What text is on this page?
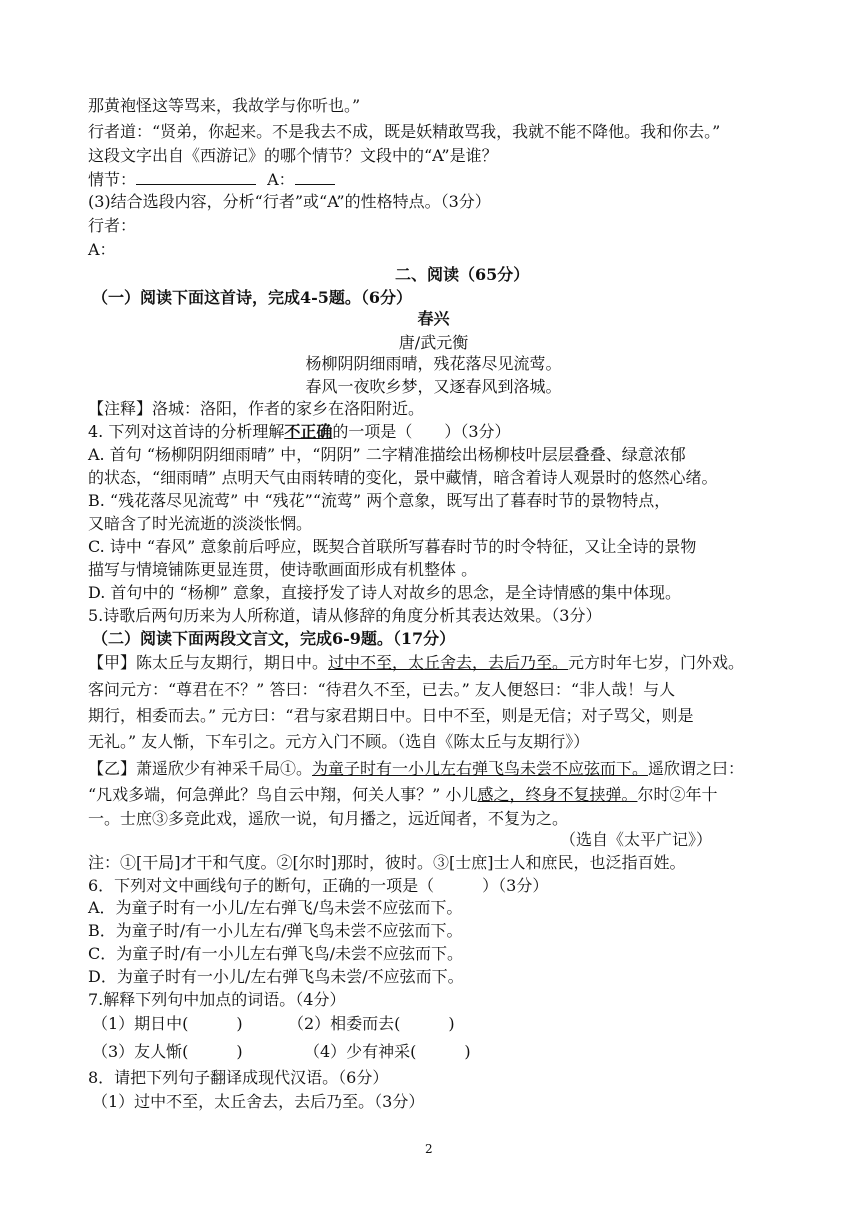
那黄袍怪这等骂来，我故学与你听也。”
行者道：“贤弟，你起来。不是我去不成，既是妖精敢骂我，我就不能不降他。我和你去。”
这段文字出自《西游记》的哪个情节？文段中的“A”是谁？
情节：	A：
(3)结合选段内容，分析“行者”或“A”的性格特点。（3分）
行者：
A：
二、阅读（65分）
（一）阅读下面这首诗，完成4-5题。（6分）
春兴
唐/武元衡
杨柳阴阴细雨晴，残花落尽见流莺。
春风一夜吹乡梦，又逐春风到洛城。
【注释】洛城：洛阳，作者的家乡在洛阳附近。
4. 下列对这首诗的分析理解不正确的一项是（　　）（3分）
A. 首句 “杨柳阴阴细雨晴” 中，“阴阴” 二字精准描绘出杨柳枝叶层层叠叠、绿意浓郁
的状态，“细雨晴” 点明天气由雨转晴的变化，景中藏情，暗含着诗人观景时的悠然心绪。
B. “残花落尽见流莺” 中 “残花”“流莺” 两个意象，既写出了暮春时节的景物特点，
又暗含了时光流逝的淡淡怅惘。
C. 诗中 “春风” 意象前后呼应，既契合首联所写暮春时节的时令特征，又让全诗的景物
描写与情境铺陈更显连贯，使诗歌画面形成有机整体 。
D. 首句中的 “杨柳” 意象，直接抒发了诗人对故乡的思念，是全诗情感的集中体现。
5.诗歌后两句历来为人所称道，请从修辞的角度分析其表达效果。（3分）
（二）阅读下面两段文言文，完成6-9题。（17分）
【甲】陈太丘与友期行，期日中。过中不至，太丘舍去，去后乃至。元方时年七岁，门外戏。
客问元方：“尊君在不？” 答曰：“待君久不至，已去。” 友人便怒曰：“非人哉！与人
期行，相委而去。” 元方曰：“君与家君期日中。日中不至，则是无信；对子骂父，则是
无礼。” 友人惭，下车引之。元方入门不顾。（选自《陈太丘与友期行》）
【乙】萧遥欣少有神采千局①。为童子时有一小儿左右弹飞鸟未尝不应弦而下。遥欣谓之曰：
“凡戏多端，何急弹此？鸟自云中翔，何关人事？” 小儿感之，终身不复挟弹。尔时②年十
一。士庶③多竞此戏，遥欣一说，旬月播之，远近闻者，不复为之。
（选自《太平广记》）
注：①[干局]才干和气度。②[尔时]那时，彼时。③[士庶]士人和庶民，也泛指百姓。
6．下列对文中画线句子的断句，正确的一项是（　　　）（3分）
A．为童子时有一小儿/左右弹飞/鸟未尝不应弦而下。
B．为童子时/有一小儿左右/弹飞鸟未尝不应弦而下。
C．为童子时/有一小儿左右弹飞鸟/未尝不应弦而下。
D．为童子时有一小儿/左右弹飞鸟未尝/不应弦而下。
7.解释下列句中加点的词语。（4分）
（1）期日中(　　　)	（2）相委而去(　　　)
（3）友人惭(　　　)	（4）少有神采(　　　)
8．请把下列句子翻译成现代汉语。（6分）
（1）过中不至，太丘舍去，去后乃至。（3分）
2
